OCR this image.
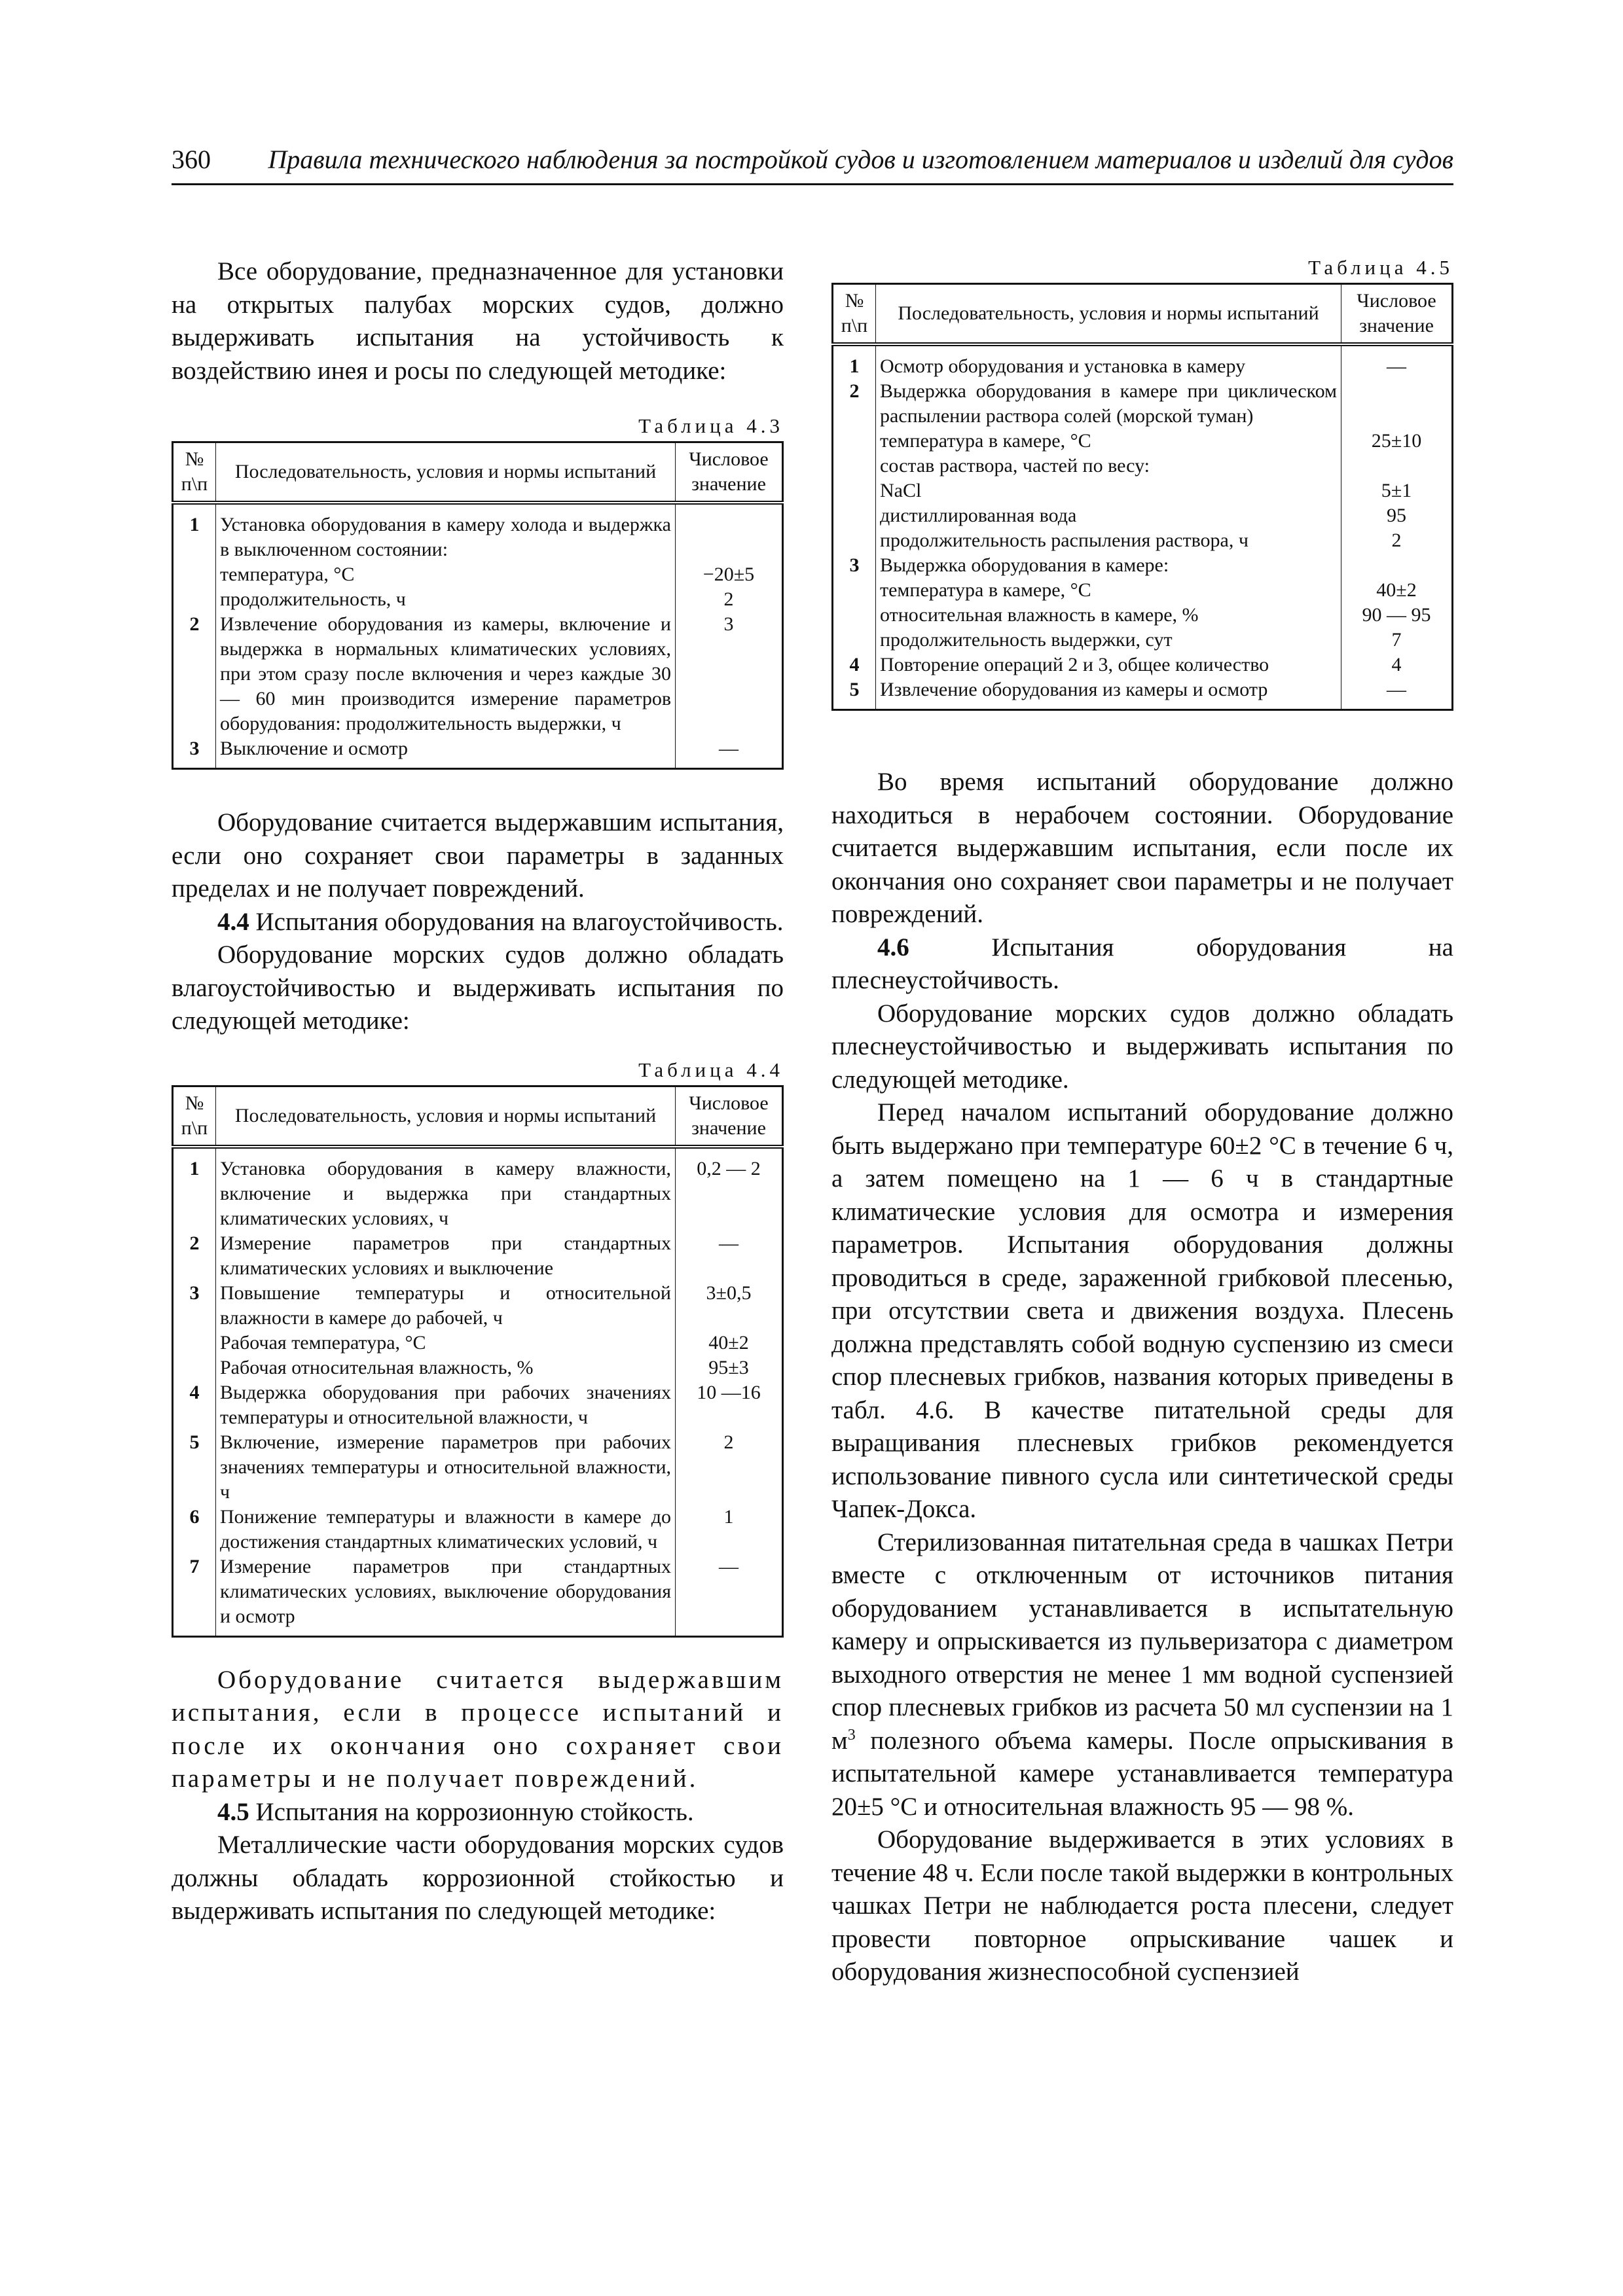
360 Правила технического наблюдения за постройкой судов и изготовлением материалов и изделий для судов

Все оборудование, предназначенное для установки на открытых палубах морских судов, должно выдерживать испытания на устойчивость к воздействию инея и росы по следующей методике:

Таблица 4.3
№ п\п	Последовательность, условия и нормы испытаний	Числовое значение
1	Установка оборудования в камеру холода и выдержка в выключенном состоянии:	
	температура, °С	−20±5
	продолжительность, ч	2
2	Извлечение оборудования из камеры, включение и выдержка в нормальных климатических условиях, при этом сразу после включения и через каждые 30 — 60 мин производится измерение параметров оборудования: продолжительность выдержки, ч	3
3	Выключение и осмотр	—

Оборудование считается выдержавшим испытания, если оно сохраняет свои параметры в заданных пределах и не получает повреждений.

4.4 Испытания оборудования на влагоустойчивость.

Оборудование морских судов должно обладать влагоустойчивостью и выдерживать испытания по следующей методике:

Таблица 4.4
№ п\п	Последовательность, условия и нормы испытаний	Числовое значение
1	Установка оборудования в камеру влажности, включение и выдержка при стандартных климатических условиях, ч	0,2 — 2
2	Измерение параметров при стандартных климатических условиях и выключение	—
3	Повышение температуры и относительной влажности в камере до рабочей, ч	3±0,5
	Рабочая температура, °С	40±2
	Рабочая относительная влажность, %	95±3
4	Выдержка оборудования при рабочих значениях температуры и относительной влажности, ч	10 —16
5	Включение, измерение параметров при рабочих значениях температуры и относительной влажности, ч	2
6	Понижение температуры и влажности в камере до достижения стандартных климатических условий, ч	1
7	Измерение параметров при стандартных климатических условиях, выключение оборудования и осмотр	—

Оборудование считается выдержавшим испытания, если в процессе испытаний и после их окончания оно сохраняет свои параметры и не получает повреждений.

4.5 Испытания на коррозионную стойкость.

Металлические части оборудования морских судов должны обладать коррозионной стойкостью и выдерживать испытания по следующей методике:

Таблица 4.5
№ п\п	Последовательность, условия и нормы испытаний	Числовое значение
1	Осмотр оборудования и установка в камеру	—
2	Выдержка оборудования в камере при циклическом распылении раствора солей (морской туман)	
	температура в камере, °С	25±10
	состав раствора, частей по весу:	
	NaCl	5±1
	дистиллированная вода	95
	продолжительность распыления раствора, ч	2
3	Выдержка оборудования в камере:	
	температура в камере, °С	40±2
	относительная влажность в камере, %	90 — 95
	продолжительность выдержки, сут	7
4	Повторение операций 2 и 3, общее количество	4
5	Извлечение оборудования из камеры и осмотр	—

Во время испытаний оборудование должно находиться в нерабочем состоянии. Оборудование считается выдержавшим испытания, если после их окончания оно сохраняет свои параметры и не получает повреждений.

4.6 Испытания оборудования на плеснеустойчивость.

Оборудование морских судов должно обладать плеснеустойчивостью и выдерживать испытания по следующей методике.

Перед началом испытаний оборудование должно быть выдержано при температуре 60±2 °С в течение 6 ч, а затем помещено на 1 — 6 ч в стандартные климатические условия для осмотра и измерения параметров. Испытания оборудования должны проводиться в среде, зараженной грибковой плесенью, при отсутствии света и движения воздуха. Плесень должна представлять собой водную суспензию из смеси спор плесневых грибков, названия которых приведены в табл. 4.6. В качестве питательной среды для выращивания плесневых грибков рекомендуется использование пивного сусла или синтетической среды Чапек-Докса.

Стерилизованная питательная среда в чашках Петри вместе с отключенным от источников питания оборудованием устанавливается в испытательную камеру и опрыскивается из пульверизатора с диаметром выходного отверстия не менее 1 мм водной суспензией спор плесневых грибков из расчета 50 мл суспензии на 1 $м^3$ полезного объема камеры. После опрыскивания в испытательной камере устанавливается температура 20±5 °С и относительная влажность 95 — 98 %.

Оборудование выдерживается в этих условиях в течение 48 ч. Если после такой выдержки в контрольных чашках Петри не наблюдается роста плесени, следует провести повторное опрыскивание чашек и оборудования жизнеспособной суспензией
